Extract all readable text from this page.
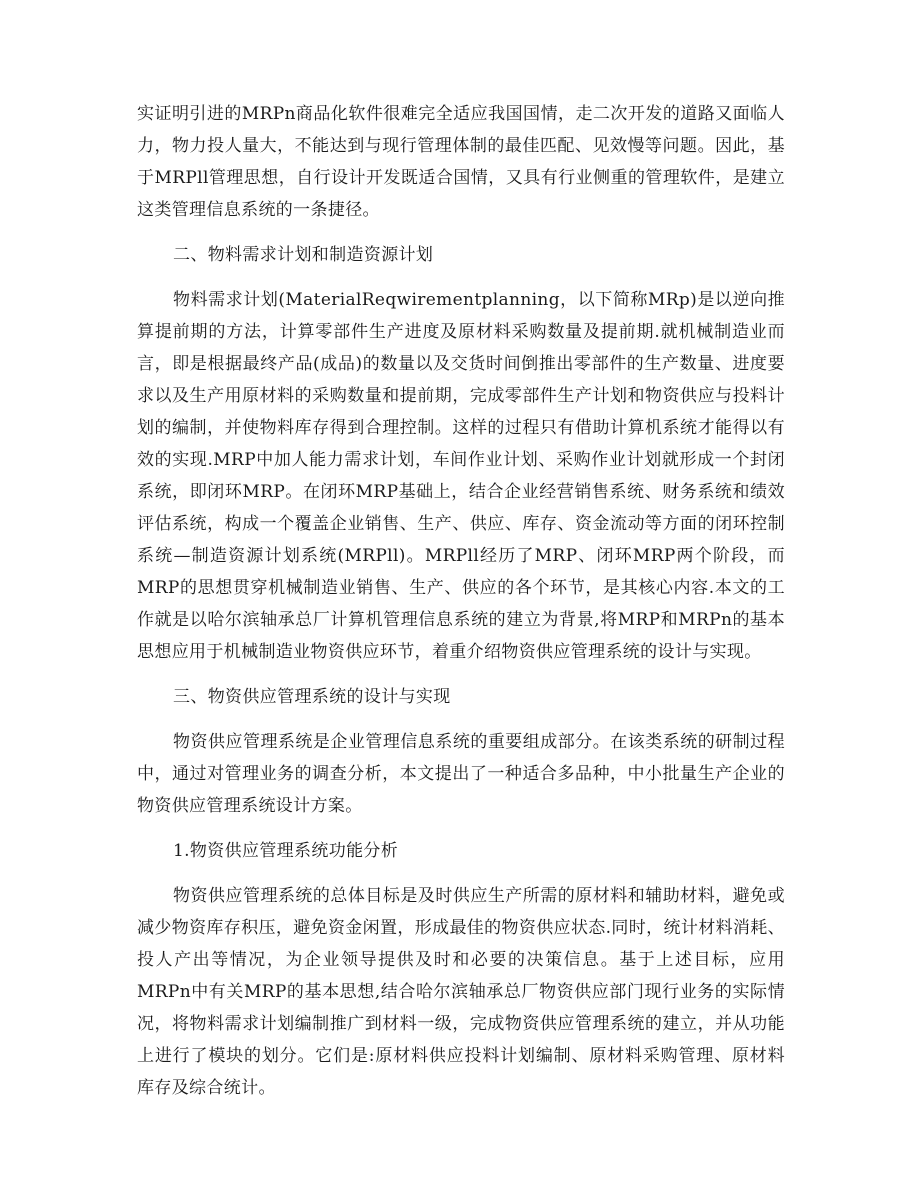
实证明引进的MRPn商品化软件很难完全适应我国国情，走二次开发的道路又面临人力，物力投人量大，不能达到与现行管理体制的最佳匹配、见效慢等问题。因此，基于MRPll管理思想，自行设计开发既适合国情，又具有行业侧重的管理软件，是建立这类管理信息系统的一条捷径。

二、物料需求计划和制造资源计划

物料需求计划(MaterialReqwirementplanning，以下简称MRp)是以逆向推算提前期的方法，计算零部件生产进度及原材料采购数量及提前期.就机械制造业而言，即是根据最终产品(成品)的数量以及交货时间倒推出零部件的生产数量、进度要求以及生产用原材料的采购数量和提前期，完成零部件生产计划和物资供应与投料计划的编制，并使物料库存得到合理控制。这样的过程只有借助计算机系统才能得以有效的实现.MRP中加人能力需求计划，车间作业计划、采购作业计划就形成一个封闭系统，即闭环MRP。在闭环MRP基础上，结合企业经营销售系统、财务系统和绩效评估系统，构成一个覆盖企业销售、生产、供应、库存、资金流动等方面的闭环控制系统—制造资源计划系统(MRPll)。MRPll经历了MRP、闭环MRP两个阶段，而MRP的思想贯穿机械制造业销售、生产、供应的各个环节，是其核心内容.本文的工作就是以哈尔滨轴承总厂计算机管理信息系统的建立为背景,将MRP和MRPn的基本思想应用于机械制造业物资供应环节，着重介绍物资供应管理系统的设计与实现。

三、物资供应管理系统的设计与实现

物资供应管理系统是企业管理信息系统的重要组成部分。在该类系统的研制过程中，通过对管理业务的调查分析，本文提出了一种适合多品种，中小批量生产企业的物资供应管理系统设计方案。

1.物资供应管理系统功能分析

物资供应管理系统的总体目标是及时供应生产所需的原材料和辅助材料，避免或减少物资库存积压，避免资金闲置，形成最佳的物资供应状态.同时，统计材料消耗、投人产出等情况，为企业领导提供及时和必要的决策信息。基于上述目标，应用MRPn中有关MRP的基本思想,结合哈尔滨轴承总厂物资供应部门现行业务的实际情况，将物料需求计划编制推广到材料一级，完成物资供应管理系统的建立，并从功能上进行了模块的划分。它们是:原材料供应投料计划编制、原材料采购管理、原材料库存及综合统计。
